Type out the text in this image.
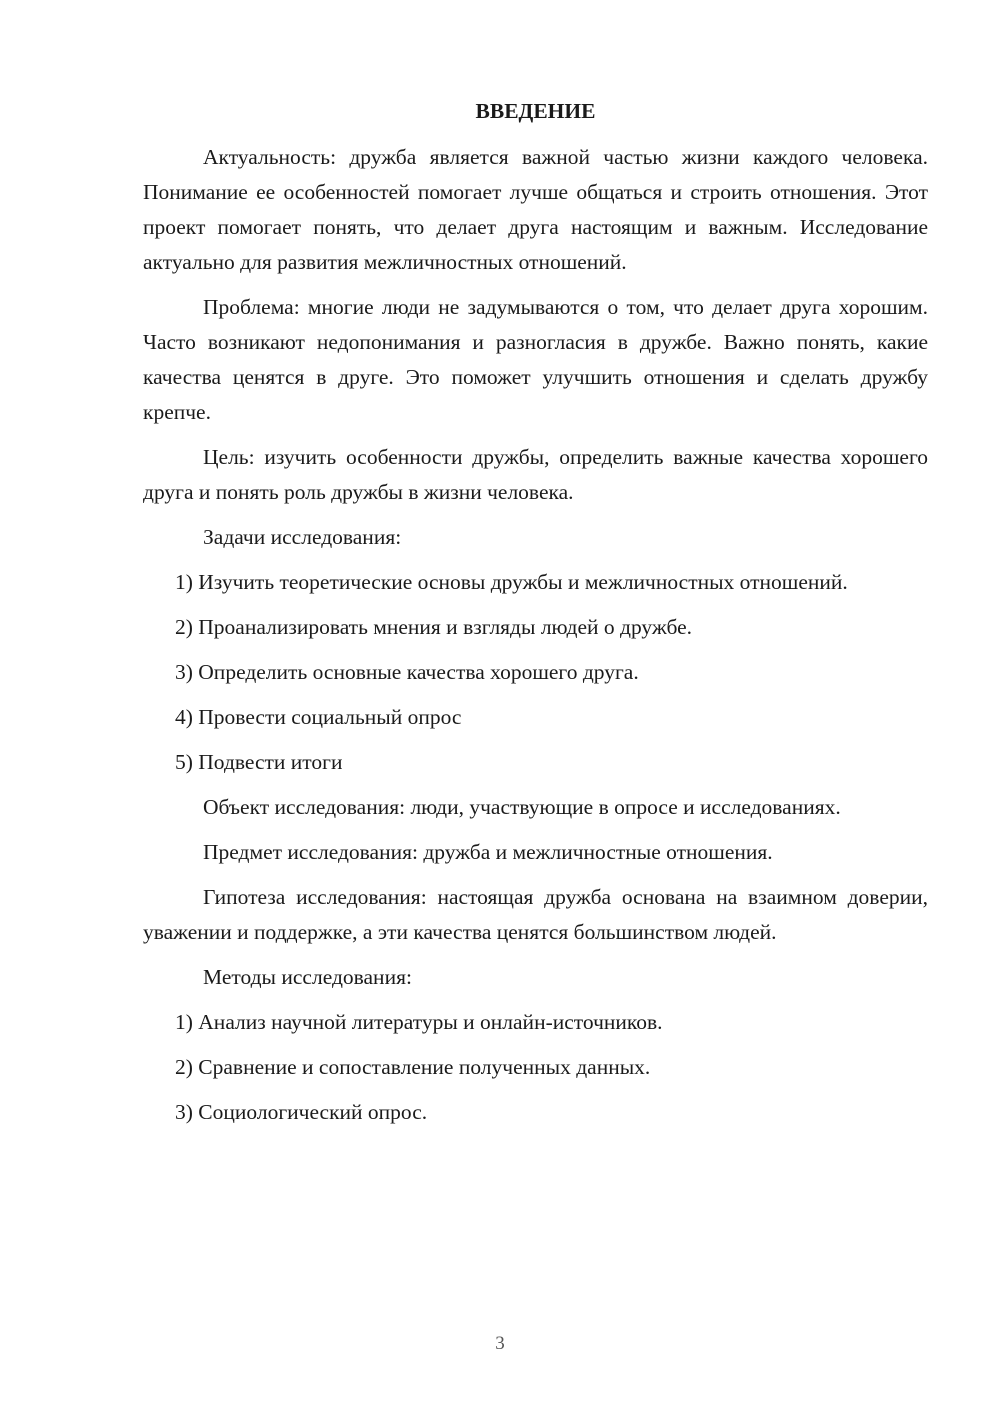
ВВЕДЕНИЕ

Актуальность: дружба является важной частью жизни каждого человека. Понимание ее особенностей помогает лучше общаться и строить отношения. Этот проект помогает понять, что делает друга настоящим и важным. Исследование актуально для развития межличностных отношений.

Проблема: многие люди не задумываются о том, что делает друга хорошим. Часто возникают недопонимания и разногласия в дружбе. Важно понять, какие качества ценятся в друге. Это поможет улучшить отношения и сделать дружбу крепче.

Цель: изучить особенности дружбы, определить важные качества хорошего друга и понять роль дружбы в жизни человека.

Задачи исследования:

1) Изучить теоретические основы дружбы и межличностных отношений.

2) Проанализировать мнения и взгляды людей о дружбе.

3) Определить основные качества хорошего друга.

4) Провести социальный опрос

5) Подвести итоги

Объект исследования: люди, участвующие в опросе и исследованиях.

Предмет исследования: дружба и межличностные отношения.

Гипотеза исследования: настоящая дружба основана на взаимном доверии, уважении и поддержке, а эти качества ценятся большинством людей.

Методы исследования:

1) Анализ научной литературы и онлайн-источников.

2) Сравнение и сопоставление полученных данных.

3) Социологический опрос.

3
